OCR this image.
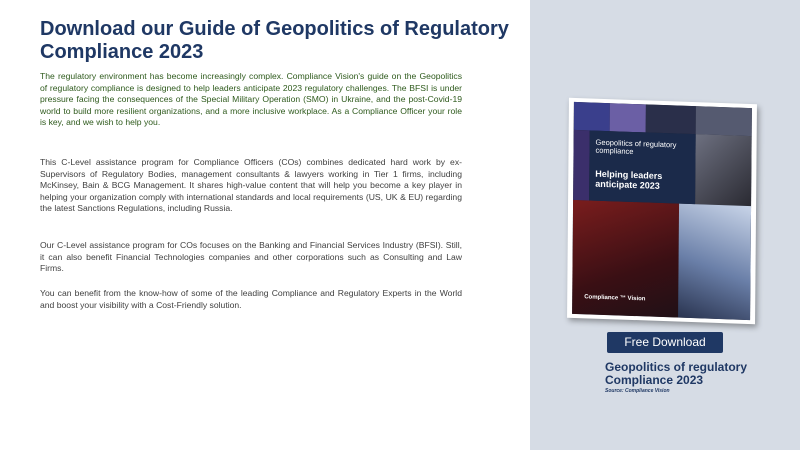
Download our Guide of Geopolitics of Regulatory Compliance 2023

The regulatory environment has become increasingly complex. Compliance Vision's guide on the Geopolitics of regulatory compliance is designed to help leaders anticipate 2023 regulatory challenges. The BFSI is under pressure facing the consequences of the Special Military Operation (SMO) in Ukraine, and the post-Covid-19 world to build more resilient organizations, and a more inclusive workplace. As a Compliance Officer your role is key, and we wish to help you.

This C-Level assistance program for Compliance Officers (COs) combines dedicated hard work by ex-Supervisors of Regulatory Bodies, management consultants & lawyers working in Tier 1 firms, including McKinsey, Bain & BCG Management. It shares high-value content that will help you become a key player in helping your organization comply with international standards and local requirements (US, UK & EU) regarding the latest Sanctions Regulations, including Russia.

Our C-Level assistance program for COs focuses on the Banking and Financial Services Industry (BFSI). Still, it can also benefit Financial Technologies companies and other corporations such as Consulting and Law Firms.

You can benefit from the know-how of some of the leading Compliance and Regulatory Experts in the World and boost your visibility with a Cost-Friendly solution.

Geopolitics of regulatory compliance

Helping leaders anticipate 2023

Compliance ™ Vision
Free Download

Geopolitics of regulatory Compliance 2023

Source: Compliance Vision
